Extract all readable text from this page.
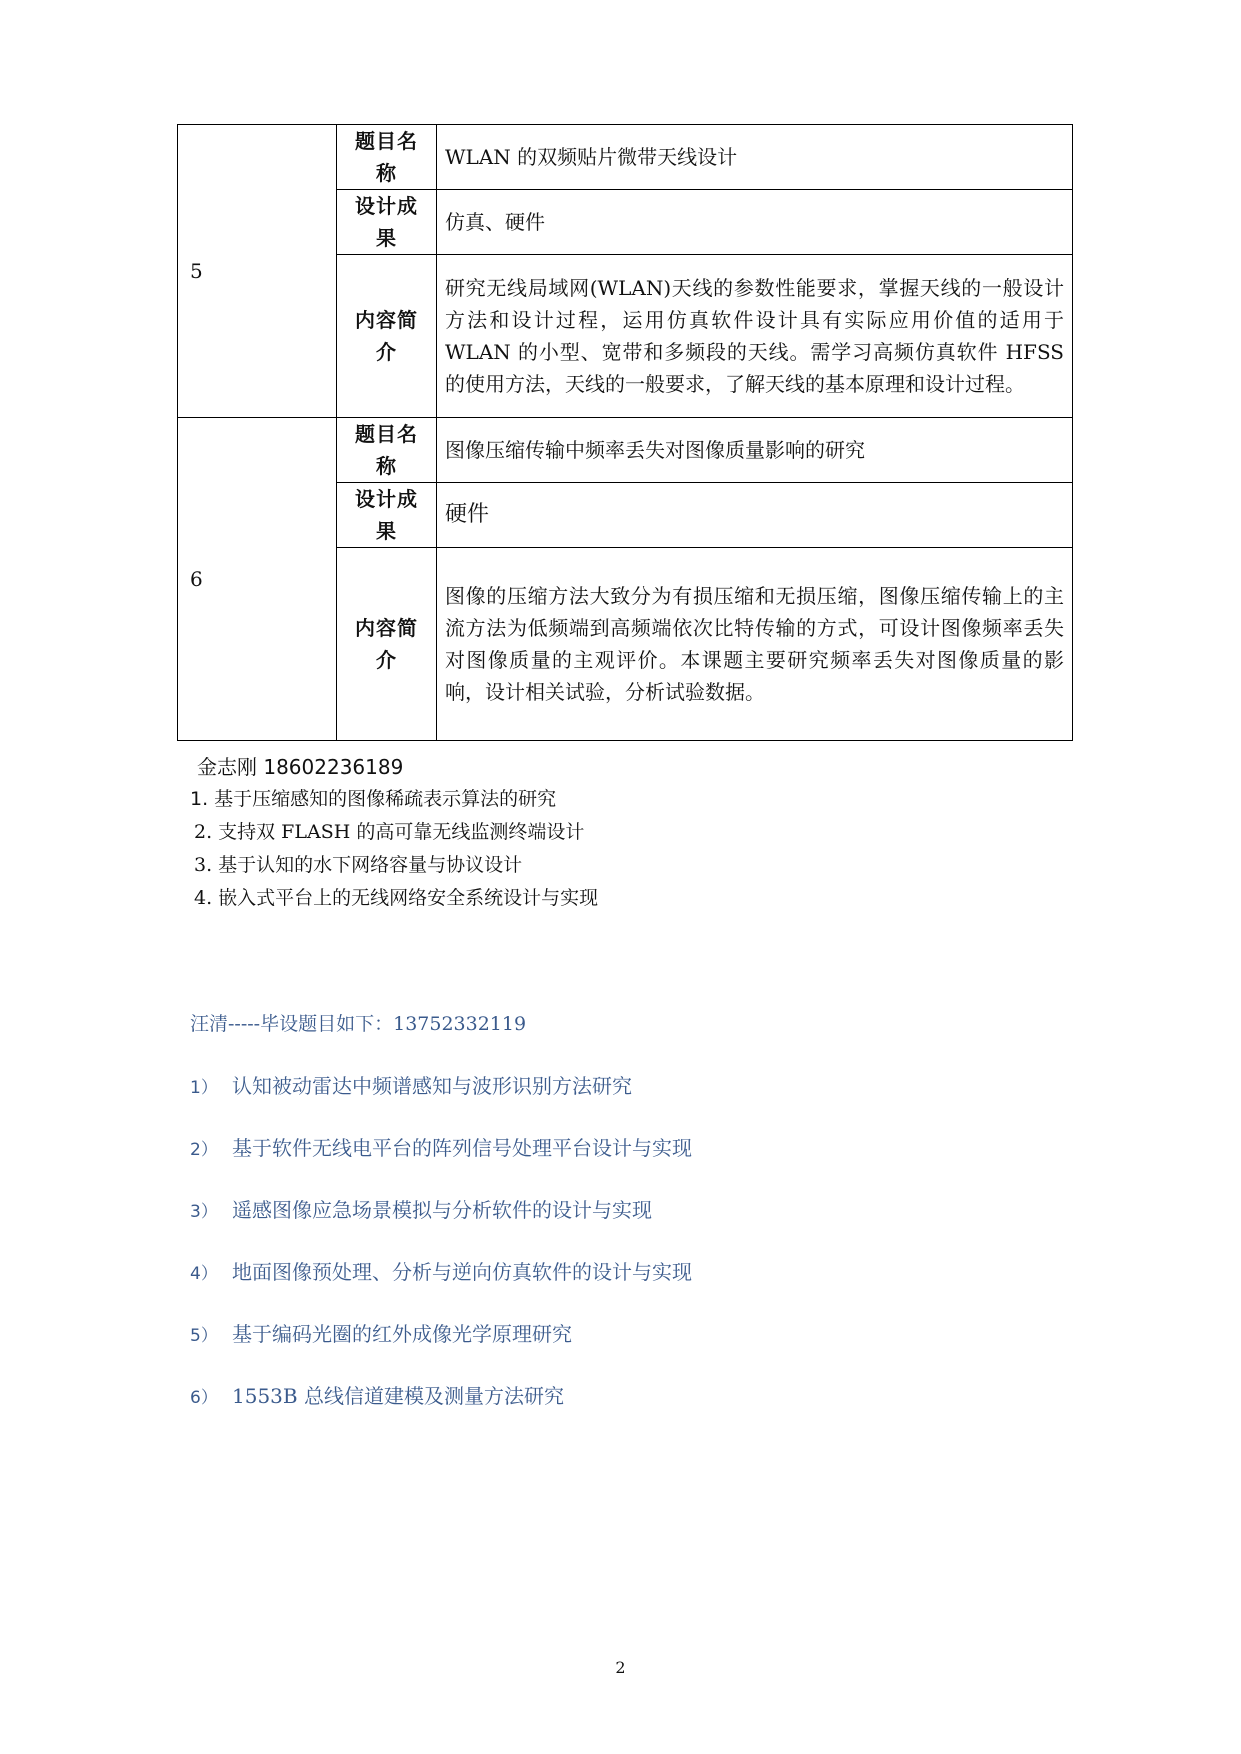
5	题目名称	WLAN 的双频贴片微带天线设计
	设计成果	仿真、硬件
	内容简介	研究无线局域网(WLAN)天线的参数性能要求，掌握天线的一般设计方法和设计过程，运用仿真软件设计具有实际应用价值的适用于 WLAN 的小型、宽带和多频段的天线。需学习高频仿真软件 HFSS 的使用方法，天线的一般要求，了解天线的基本原理和设计过程。
6	题目名称	图像压缩传输中频率丢失对图像质量影响的研究
	设计成果	硬件
	内容简介	图像的压缩方法大致分为有损压缩和无损压缩，图像压缩传输上的主流方法为低频端到高频端依次比特传输的方式，可设计图像频率丢失对图像质量的主观评价。本课题主要研究频率丢失对图像质量的影响，设计相关试验，分析试验数据。
金志刚 18602236189
1. 基于压缩感知的图像稀疏表示算法的研究
2. 支持双 FLASH 的高可靠无线监测终端设计
3. 基于认知的水下网络容量与协议设计
4. 嵌入式平台上的无线网络安全系统设计与实现
汪清-----毕设题目如下：13752332119
1） 认知被动雷达中频谱感知与波形识别方法研究
2） 基于软件无线电平台的阵列信号处理平台设计与实现
3） 遥感图像应急场景模拟与分析软件的设计与实现
4） 地面图像预处理、分析与逆向仿真软件的设计与实现
5） 基于编码光圈的红外成像光学原理研究
6） 1553B 总线信道建模及测量方法研究
2
